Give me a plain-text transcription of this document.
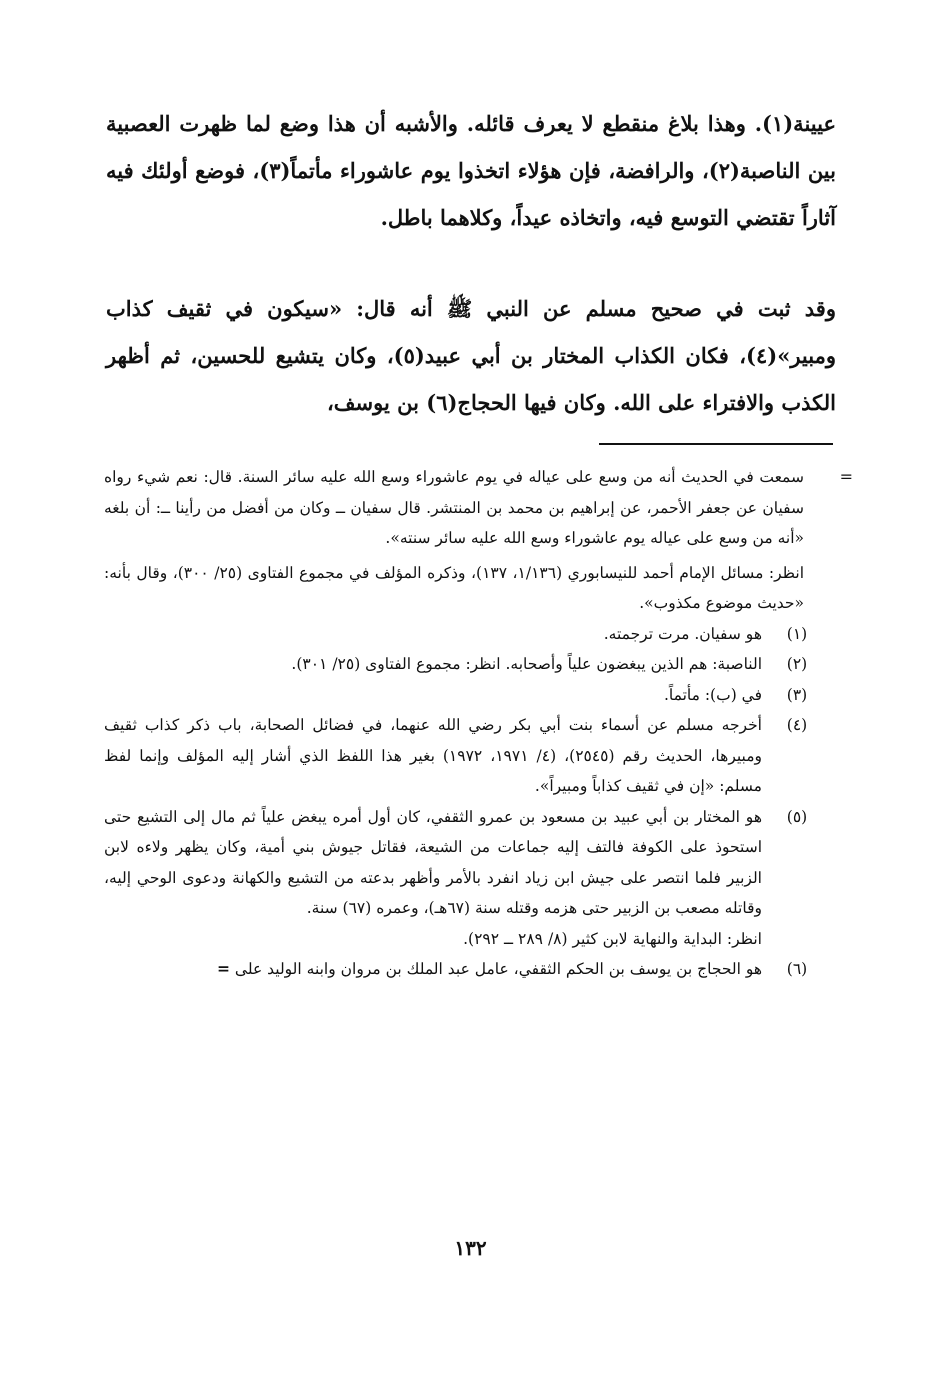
عيينة(١). وهذا بلاغ منقطع لا يعرف قائله. والأشبه أن هذا وضع لما ظهرت العصبية بين الناصبة(٢)، والرافضة، فإن هؤلاء اتخذوا يوم عاشوراء مأتماً(٣)، فوضع أولئك فيه آثاراً تقتضي التوسع فيه، واتخاذه عيداً، وكلاهما باطل.

وقد ثبت في صحيح مسلم عن النبي ﷺ أنه قال: «سيكون في ثقيف كذاب ومبير»(٤)، فكان الكذاب المختار بن أبي عبيد(٥)، وكان يتشيع للحسين، ثم أظهر الكذب والافتراء على الله. وكان فيها الحجاج(٦) بن يوسف،

=

سمعت في الحديث أنه من وسع على عياله في يوم عاشوراء وسع الله عليه سائر السنة. قال: نعم شيء رواه سفيان عن جعفر الأحمر، عن إبراهيم بن محمد بن المنتشر. قال سفيان ــ وكان من أفضل من رأينا ــ: أن بلغه «أنه من وسع على عياله يوم عاشوراء وسع الله عليه سائر سنته».

انظر: مسائل الإمام أحمد للنيسابوري (١/١٣٦، ١٣٧)، وذكره المؤلف في مجموع الفتاوى (٢٥/ ٣٠٠)، وقال بأنه: «حديث موضوع مكذوب».

(١)
هو سفيان. مرت ترجمته.
(٢)
الناصبة: هم الذين يبغضون علياً وأصحابه. انظر: مجموع الفتاوى (٢٥/ ٣٠١).
(٣)
في (ب): مأتماً.
(٤)
أخرجه مسلم عن أسماء بنت أبي بكر رضي الله عنهما، في فضائل الصحابة، باب ذكر كذاب ثقيف ومبيرها، الحديث رقم (٢٥٤٥)، (٤/ ١٩٧١، ١٩٧٢) بغير هذا اللفظ الذي أشار إليه المؤلف وإنما لفظ مسلم: «إن في ثقيف كذاباً ومبيراً».
(٥)
هو المختار بن أبي عبيد بن مسعود بن عمرو الثقفي، كان أول أمره يبغض علياً ثم مال إلى التشيع حتى استحوذ على الكوفة فالتف إليه جماعات من الشيعة، فقاتل جيوش بني أمية، وكان يظهر ولاءه لابن الزبير فلما انتصر على جيش ابن زياد انفرد بالأمر وأظهر بدعته من التشيع والكهانة ودعوى الوحي إليه، وقاتله مصعب بن الزبير حتى هزمه وقتله سنة (٦٧هـ)، وعمره (٦٧) سنة.
انظر: البداية والنهاية لابن كثير (٨/ ٢٨٩ ــ ٢٩٢).
(٦)
هو الحجاج بن يوسف بن الحكم الثقفي، عامل عبد الملك بن مروان وابنه الوليد على =
١٣٢
